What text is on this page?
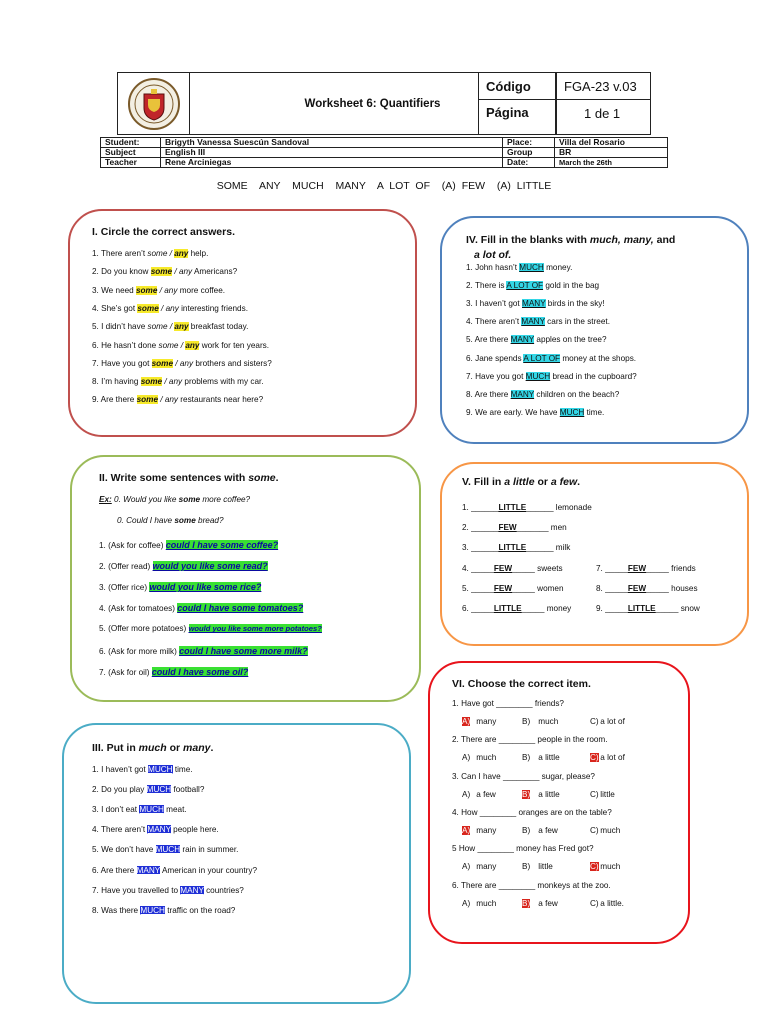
Worksheet 6: Quantifiers
Código	FGA-23 v.03
Página	1 de 1
Student:	Brigyth Vanessa Suescún Sandoval	Place:	Villa del Rosario
Subject	English III	Group	BR
Teacher	Rene Arciniegas	Date:	March the 26th
SOME  ANY  MUCH  MANY  A LOT OF  (A) FEW  (A) LITTLE
I. Circle the correct answers.
1. There aren’t some / any help.
2. Do you know some / any Americans?
3. We need some / any more coffee.
4. She’s got some / any interesting friends.
5. I didn’t have some / any breakfast today.
6. He hasn’t done some / any work for ten years.
7. Have you got some / any brothers and sisters?
8. I’m having some / any problems with my car.
9. Are there some / any restaurants near here?
IV. Fill in the blanks with much, many, and
a lot of.
1. John hasn’t MUCH money.
2. There is A LOT OF gold in the bag
3. I haven’t got MANY birds in the sky!
4. There aren’t MANY cars in the street.
5. Are there MANY apples on the tree?
6. Jane spends A LOT OF money at the shops.
7. Have you got MUCH bread in the cupboard?
8. Are there MANY children on the beach?
9. We are early. We have MUCH time.
II. Write some sentences with some.
Ex: 0. Would you like some more coffee?
0. Could I have some bread?
1. (Ask for coffee) could I have some coffee?
2. (Offer read) would you like some read?
3. (Offer rice) would you like some rice?
4. (Ask for tomatoes) could I have some tomatoes?
5. (Offer more potatoes) would you like some more potatoes?
6. (Ask for more milk) could I have some more milk?
7. (Ask for oil) could I have some oil?
V. Fill in a little or a few.
1. ______LITTLE______ lemonade
2. ______FEW_______ men
3. ______LITTLE______ milk
4. _____FEW_____ sweets
5. _____FEW_____ women
6. _____LITTLE_____ money
7. _____FEW_____ friends
8. _____FEW_____ houses
9. _____LITTLE_____ snow
III. Put in much or many.
1. I haven’t got MUCH time.
2. Do you play MUCH football?
3. I don’t eat MUCH meat.
4. There aren’t MANY people here.
5. We don’t have MUCH rain in summer.
6. Are there MANY American in your country?
7. Have you travelled to MANY countries?
8. Was there MUCH traffic on the road?
VI. Choose the correct item.
1. Have got ________ friends?
A) many	B) much	C) a lot of
2. There are ________ people in the room.
A) much	B) a little	C) a lot of
3. Can I have ________ sugar, please?
A) a few	B) a little	C) little
4. How ________ oranges are on the table?
A) many	B) a few	C) much
5 How ________ money has Fred got?
A) many	B) little	C) much
6. There are ________ monkeys at the zoo.
A) much	B) a few	C) a little.
